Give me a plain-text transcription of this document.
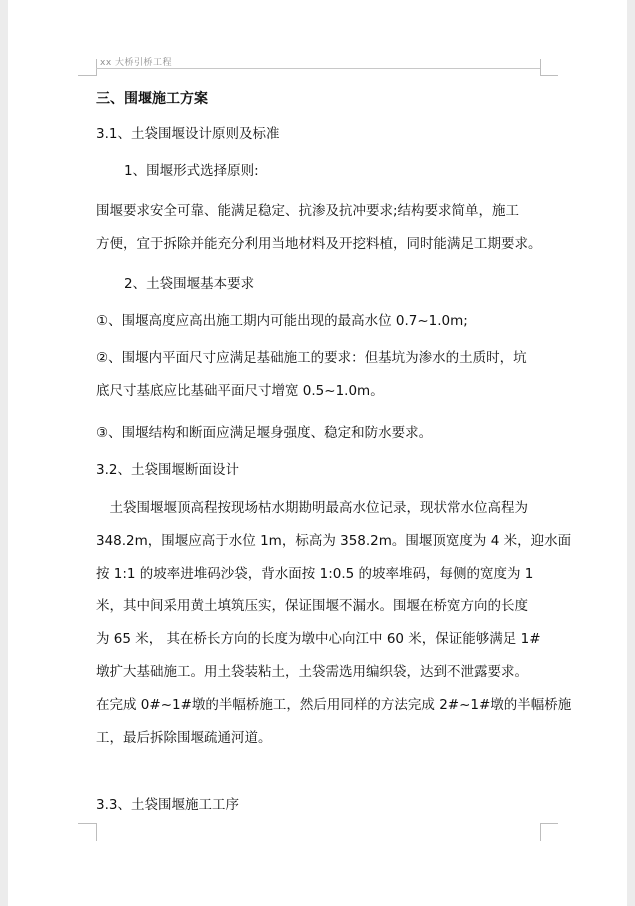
xx 大桥引桥工程
三、围堰施工方案
3.1、土袋围堰设计原则及标准
1、围堰形式选择原则:
围堰要求安全可靠、能满足稳定、抗渗及抗冲要求;结构要求简单，施工
方便，宜于拆除并能充分利用当地材料及开挖料植，同时能满足工期要求。
2、土袋围堰基本要求
①、围堰高度应高出施工期内可能出现的最高水位 0.7~1.0m;
②、围堰内平面尺寸应满足基础施工的要求：但基坑为渗水的土质时，坑
底尺寸基底应比基础平面尺寸增宽 0.5~1.0m。
③、围堰结构和断面应满足堰身强度、稳定和防水要求。
3.2、土袋围堰断面设计
　土袋围堰堰顶高程按现场枯水期勘明最高水位记录，现状常水位高程为
348.2m，围堰应高于水位 1m，标高为 358.2m。围堰顶宽度为 4 米，迎水面
按 1:1 的坡率进堆码沙袋，背水面按 1:0.5 的坡率堆码，每侧的宽度为 1
米，其中间采用黄土填筑压实，保证围堰不漏水。围堰在桥宽方向的长度
为 65 米， 其在桥长方向的长度为墩中心向江中 60 米，保证能够满足 1#
墩扩大基础施工。用土袋装粘土，土袋需选用编织袋，达到不泄露要求。
在完成 0#~1#墩的半幅桥施工，然后用同样的方法完成 2#~1#墩的半幅桥施
工，最后拆除围堰疏通河道。
3.3、土袋围堰施工工序
